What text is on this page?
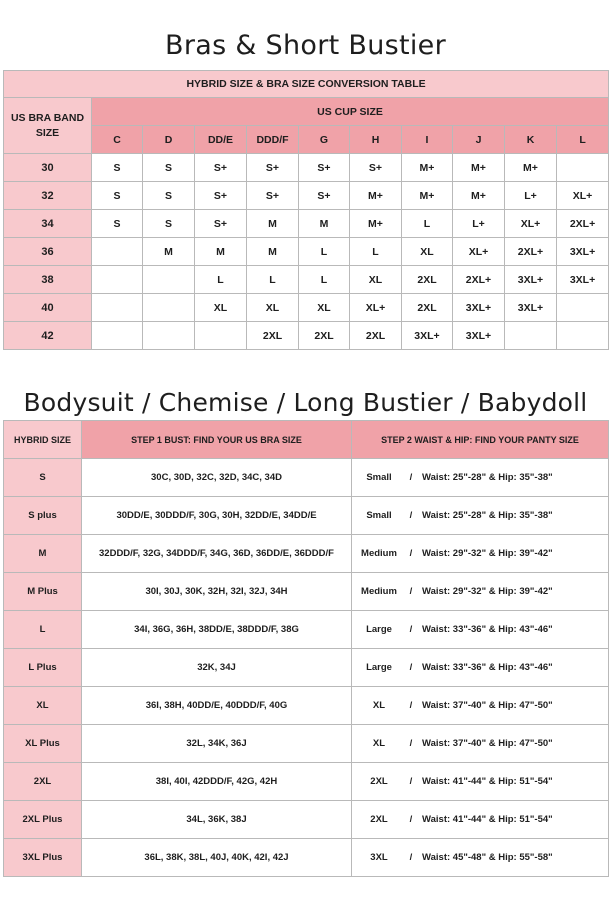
Bras & Short Bustier
HYBRID SIZE & BRA SIZE CONVERSION TABLE										
US BRA BAND SIZE	US CUP SIZE									
	C	D	DD/E	DDD/F	G	H	I	J	K	L
30	S	S	S+	S+	S+	S+	M+	M+	M+	
32	S	S	S+	S+	S+	M+	M+	M+	L+	XL+
34	S	S	S+	M	M	M+	L	L+	XL+	2XL+
36		M	M	M	L	L	XL	XL+	2XL+	3XL+
38			L	L	L	XL	2XL	2XL+	3XL+	3XL+
40			XL	XL	XL	XL+	2XL	3XL+	3XL+	
42				2XL	2XL	2XL	3XL+	3XL+		
Bodysuit / Chemise / Long Bustier / Babydoll
HYBRID SIZE	STEP 1 BUST: FIND YOUR US BRA SIZE	STEP 2 WAIST & HIP: FIND YOUR PANTY SIZE
S	30C, 30D, 32C, 32D, 34C, 34D	Small / Waist: 25"-28" & Hip: 35"-38"
S plus	30DD/E, 30DDD/F, 30G, 30H, 32DD/E, 34DD/E	Small / Waist: 25"-28" & Hip: 35"-38"
M	32DDD/F, 32G, 34DDD/F, 34G, 36D, 36DD/E, 36DDD/F	Medium / Waist: 29"-32" & Hip: 39"-42"
M Plus	30I, 30J, 30K, 32H, 32I, 32J, 34H	Medium / Waist: 29"-32" & Hip: 39"-42"
L	34I, 36G, 36H, 38DD/E, 38DDD/F, 38G	Large / Waist: 33"-36" & Hip: 43"-46"
L Plus	32K, 34J	Large / Waist: 33"-36" & Hip: 43"-46"
XL	36I, 38H, 40DD/E, 40DDD/F, 40G	XL / Waist: 37"-40" & Hip: 47"-50"
XL Plus	32L, 34K, 36J	XL / Waist: 37"-40" & Hip: 47"-50"
2XL	38I, 40I, 42DDD/F, 42G, 42H	2XL / Waist: 41"-44" & Hip: 51"-54"
2XL Plus	34L, 36K, 38J	2XL / Waist: 41"-44" & Hip: 51"-54"
3XL Plus	36L, 38K, 38L, 40J, 40K, 42I, 42J	3XL / Waist: 45"-48" & Hip: 55"-58"
